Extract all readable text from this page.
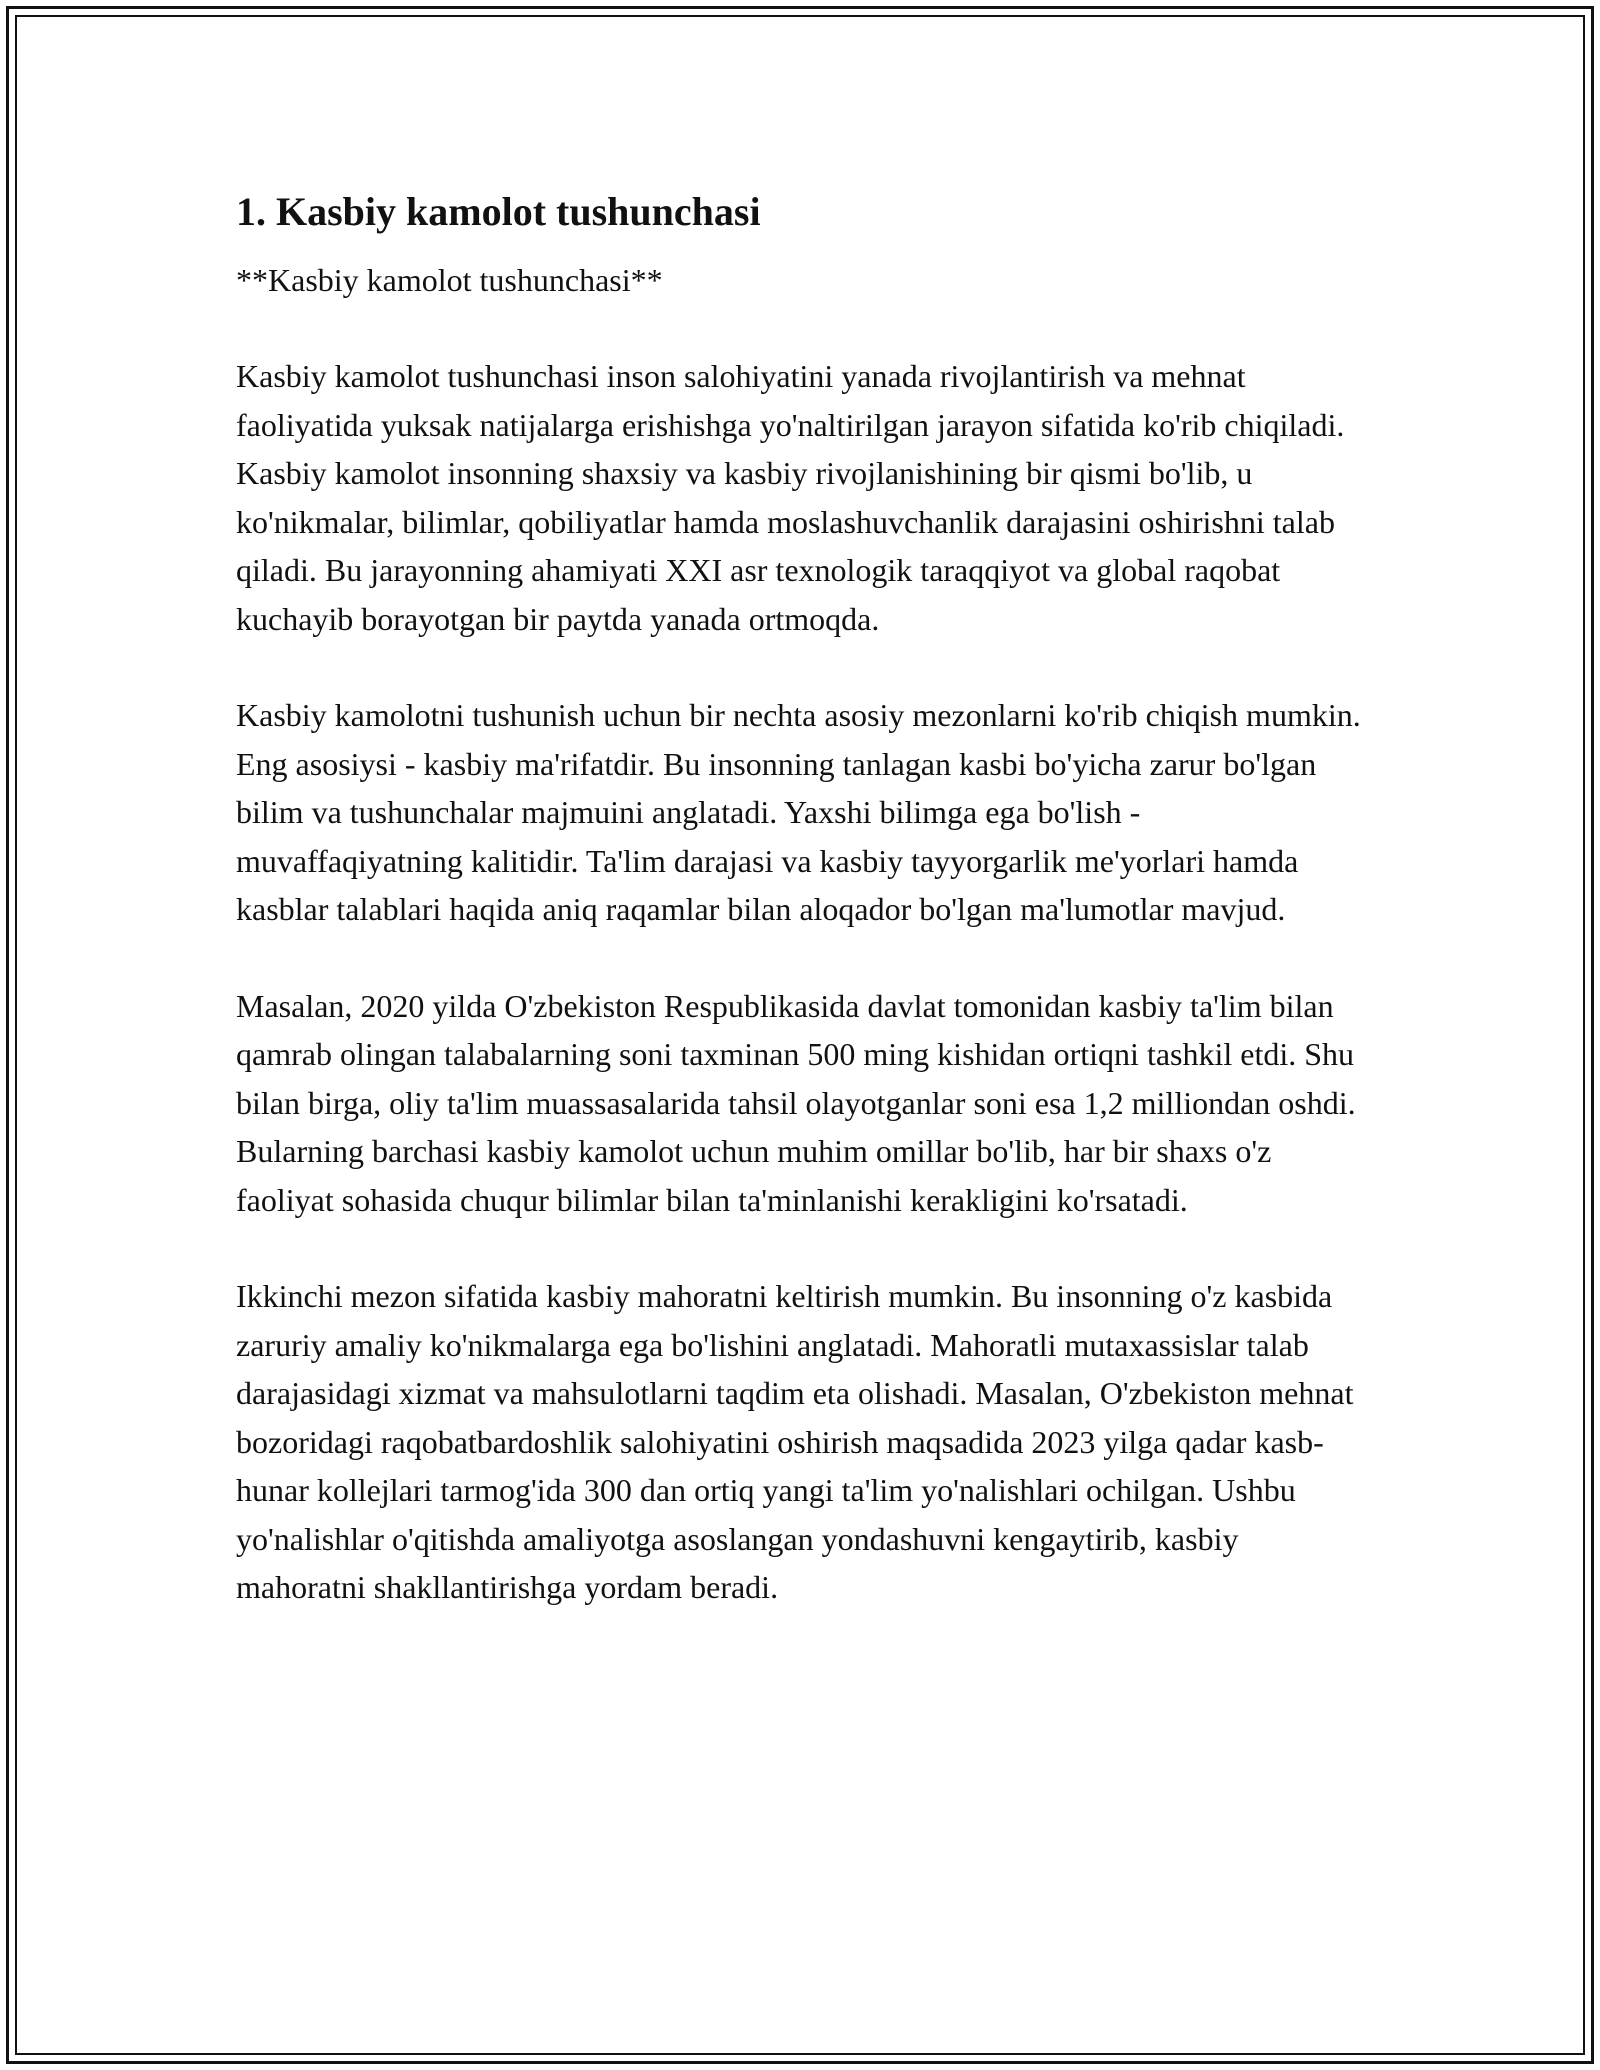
1. Kasbiy kamolot tushunchasi

**Kasbiy kamolot tushunchasi**

Kasbiy kamolot tushunchasi inson salohiyatini yanada rivojlantirish va mehnat faoliyatida yuksak natijalarga erishishga yo'naltirilgan jarayon sifatida ko'rib chiqiladi. Kasbiy kamolot insonning shaxsiy va kasbiy rivojlanishining bir qismi bo'lib, u ko'nikmalar, bilimlar, qobiliyatlar hamda moslashuvchanlik darajasini oshirishni talab qiladi. Bu jarayonning ahamiyati XXI asr texnologik taraqqiyot va global raqobat kuchayib borayotgan bir paytda yanada ortmoqda.

Kasbiy kamolotni tushunish uchun bir nechta asosiy mezonlarni ko'rib chiqish mumkin. Eng asosiysi - kasbiy ma'rifatdir. Bu insonning tanlagan kasbi bo'yicha zarur bo'lgan bilim va tushunchalar majmuini anglatadi. Yaxshi bilimga ega bo'lish - muvaffaqiyatning kalitidir. Ta'lim darajasi va kasbiy tayyorgarlik me'yorlari hamda kasblar talablari haqida aniq raqamlar bilan aloqador bo'lgan ma'lumotlar mavjud.

Masalan, 2020 yilda O'zbekiston Respublikasida davlat tomonidan kasbiy ta'lim bilan qamrab olingan talabalarning soni taxminan 500 ming kishidan ortiqni tashkil etdi. Shu bilan birga, oliy ta'lim muassasalarida tahsil olayotganlar soni esa 1,2 milliondan oshdi. Bularning barchasi kasbiy kamolot uchun muhim omillar bo'lib, har bir shaxs o'z faoliyat sohasida chuqur bilimlar bilan ta'minlanishi kerakligini ko'rsatadi.

Ikkinchi mezon sifatida kasbiy mahoratni keltirish mumkin. Bu insonning o'z kasbida zaruriy amaliy ko'nikmalarga ega bo'lishini anglatadi. Mahoratli mutaxassislar talab darajasidagi xizmat va mahsulotlarni taqdim eta olishadi. Masalan, O'zbekiston mehnat bozoridagi raqobatbardoshlik salohiyatini oshirish maqsadida 2023 yilga qadar kasb-hunar kollejlari tarmog'ida 300 dan ortiq yangi ta'lim yo'nalishlari ochilgan. Ushbu yo'nalishlar o'qitishda amaliyotga asoslangan yondashuvni kengaytirib, kasbiy mahoratni shakllantirishga yordam beradi.
